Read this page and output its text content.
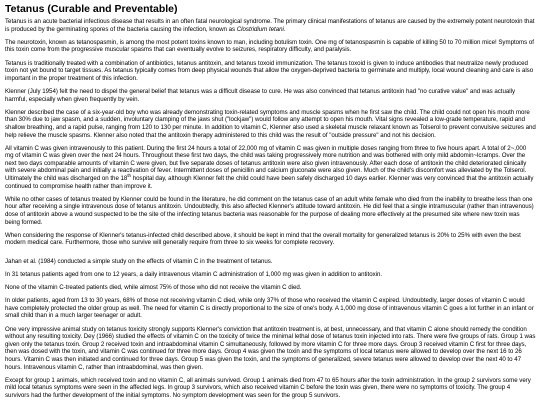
Tetanus (Curable and Preventable)

Tetanus is an acute bacterial infectious disease that results in an often fatal neurological syndrome. The primary clinical manifestations of tetanus are caused by the extremely potent neurotoxin that is produced by the germinating spores of the bacteria causing the infection, known as Clostridium tetani.

The neurotoxin, known as tetanospasmin, is among the most potent toxins known to man, including botulism toxin. One mg of tetanospasmin is capable of killing 50 to 70 million mice! Symptoms of this toxin come from the progressive muscular spasms that can eventually evolve to seizures, respiratory difficulty, and paralysis.

Tetanus is traditionally treated with a combination of antibiotics, tetanus antitoxin, and tetanus toxoid immunization. The tetanus toxoid is given to induce antibodies that neutralize newly produced toxin not yet bound to target tissues. As tetanus typically comes from deep physical wounds that allow the oxygen-deprived bacteria to germinate and multiply, local wound cleaning and care is also important in the proper treatment of this infection.

Klenner (July 1954) felt the need to dispel the general belief that tetanus was a difficult disease to cure. He was also convinced that tetanus antitoxin had "no curative value" and was actually harmful, especially when given frequently by vein.

Klenner described the case of a six-year-old boy who was already demonstrating toxin-related symptoms and muscle spasms when he first saw the child. The child could not open his mouth more than 30% due to jaw spasm, and a sudden, involuntary clamping of the jaws shut ("lockjaw") would follow any attempt to open his mouth. Vital signs revealed a low-grade temperature, rapid and shallow breathing, and a rapid pulse, ranging from 120 to 130 per minute. In addition to vitamin C, Klenner also used a skeletal muscle relaxant known as Tolserol to prevent convulsive seizures and help relieve the muscle spasms. Klenner also noted that the antitoxin therapy administered to this child was the result of "outside pressure" and not his decision.

All vitamin C was given intravenously to this patient. During the first 24 hours a total of 22,000 mg of vitamin C was given in multiple doses ranging from three to five hours apart. A total of 2~,000 mg of vitamin C was given over the next 24 hours. Throughout these first two days, the child was taking progressively more nutrition and was bothered with only mild abdomin~lcramps. Over the next two days comparable amounts of vitamin C were given, but five separate doses of tetanus antitoxin were also given intravenously. After each dose of antitoxin the child deteriorated clinically with severe abdominal pain and initially a reactivation of fever. Intermittent doses of penicillin and calcium gluconate were also given. Much of the child's discomfort was alleviated by the Tolserol. Ultimately the child was discharged on the 18th hospital day, although Klenner felt the child could have been safely discharged 10 days earlier. Klenner was very convinced that the antitoxin actually continued to compromise health rather than improve it.

While no other cases of tetanus treated by Klenner could be found in the literature, he did comment on the tetanus case of an adult white female who died from the inability to breathe less than one hour after receiving a single intravenous dose of tetanus antitoxin. Undoubtedly, this also affected Klenner's attitude toward antitoxin. He did feel that a single intramuscular (rather than intravenous) dose of antitoxin above a wound suspected to be the site of the infecting tetanus bacteria was reasonable for the purpose of dealing more effectively at the presumed site where new toxin was being formed.

When considering the response of Klenner's tetanus-infected child described above, it should be kept in mind that the overall mortality for generalized tetanus is 20% to 25% with even the best modern medical care. Furthermore, those who survive will generally require from three to six weeks for complete recovery.

Jahan et al. (1984) conducted a simple study on the effects of vitamin C in the treatment of tetanus.

In 31 tetanus patients aged from one to 12 years, a daily intravenous vitamin C administration of 1,000 mg was given in addition to antitoxin.

None of the vitamin C-treated patients died, while almost 75% of those who did not receive the vitamin C died.

In older patients, aged from 13 to 30 years, 68% of those not receiving vitamin C died, while only 37% of those who received the vitamin C expired. Undoubtedly, larger doses of vitamin C would have completely protected the older group as well. The need for vitamin C is directly proportional to the size of one's body. A 1,000 mg dose of intravenous vitamin C goes a lot further in an infant or small child than in a much larger teenager or adult.

One very impressive animal study on tetanus toxicity strongly supports Klenner's conviction that antitoxin treatment is, at best, unnecessary, and that vitamin C alone should remedy the condition without any resulting toxicity. Dey (1966) studied the effects of vitamin C on the toxicity of twice the minimal lethal dose of tetanus toxin injected into rats. There were five groups of rats. Group 1 was given only the tetanus toxin. Group 2 received toxin and intraabdominal vitamin C simultaneously, followed by more vitamin C for three more days. Group 3 received vitamin C first for three days, then was dosed with the toxin, and vitamin C was continued for three more days. Group 4 was given the toxin and the symptoms of local tetanus were allowed to develop over the next 16 to 26 hours. Vitamin C was then initiated and continued for three days. Group 5 was given the toxin, and the symptoms of generalized, severe tetanus were allowed to develop over the next 40 to 47 hours. Intravenous vitamin C, rather than intraabdominal, was then given.

Except for group 1 animals, which received toxin and no vitamin C, all animals survived. Group 1 animals died from 47 to 65 hours after the toxin administration. In the group 2 survivors some very mild local tetanus symptoms were seen in the affected legs. In group 3 survivors, which also received vitamin C before the toxin was given, there were no symptoms of toxicity. The group 4 survivors had the further development of the initial symptoms. No symptom development was seen for the group 5 survivors.
